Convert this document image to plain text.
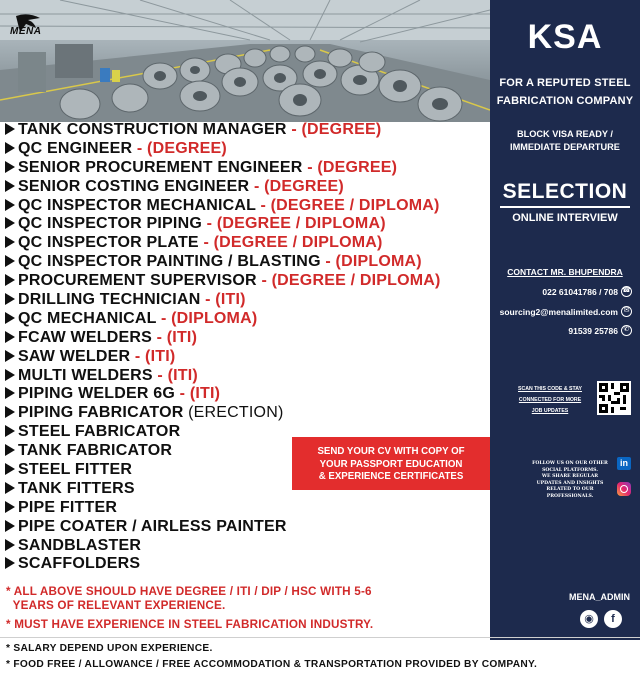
MENA	KSA
FOR A REPUTED STEEL
FABRICATION COMPANY
BLOCK VISA READY /
IMMEDIATE DEPARTURE
SELECTION
ONLINE INTERVIEW
CONTACT MR. BHUPENDRA
022 61041786 / 708 ☎
sourcing2@menalimited.com ✉
91539 25786 ✆
SCAN THIS CODE & STAY
CONNECTED FOR MORE
JOB UPDATES
FOLLOW US ON OUR OTHER
SOCIAL PLATFORMS.
WE SHARE REGULAR
UPDATES AND INSIGHTS
RELATED TO OUR
PROFESSIONALS.
in
MENA_ADMIN
◉	f
TANK CONSTRUCTION MANAGER - (DEGREE)
QC ENGINEER - (DEGREE)
SENIOR PROCUREMENT ENGINEER - (DEGREE)
SENIOR COSTING ENGINEER - (DEGREE)
QC INSPECTOR MECHANICAL - (DEGREE / DIPLOMA)
QC INSPECTOR PIPING - (DEGREE / DIPLOMA)
QC INSPECTOR PLATE - (DEGREE / DIPLOMA)
QC INSPECTOR PAINTING / BLASTING - (DIPLOMA)
PROCUREMENT SUPERVISOR - (DEGREE / DIPLOMA)
DRILLING TECHNICIAN - (ITI)
QC MECHANICAL - (DIPLOMA)
FCAW WELDERS - (ITI)
SAW WELDER - (ITI)
MULTI WELDERS - (ITI)
PIPING WELDER 6G - (ITI)
PIPING FABRICATOR (ERECTION)
STEEL FABRICATOR
TANK FABRICATOR
STEEL FITTER
TANK FITTERS
PIPE FITTER
PIPE COATER / AIRLESS PAINTER
SANDBLASTER
SCAFFOLDERS
SEND YOUR CV WITH COPY OF
YOUR PASSPORT EDUCATION
& EXPERIENCE CERTIFICATES
* ALL ABOVE SHOULD HAVE DEGREE / ITI / DIP / HSC WITH 5-6
YEARS OF RELEVANT EXPERIENCE.
* MUST HAVE EXPERIENCE IN STEEL FABRICATION INDUSTRY.
* SALARY DEPEND UPON EXPERIENCE.
* FOOD FREE / ALLOWANCE / FREE ACCOMMODATION & TRANSPORTATION PROVIDED BY COMPANY.
